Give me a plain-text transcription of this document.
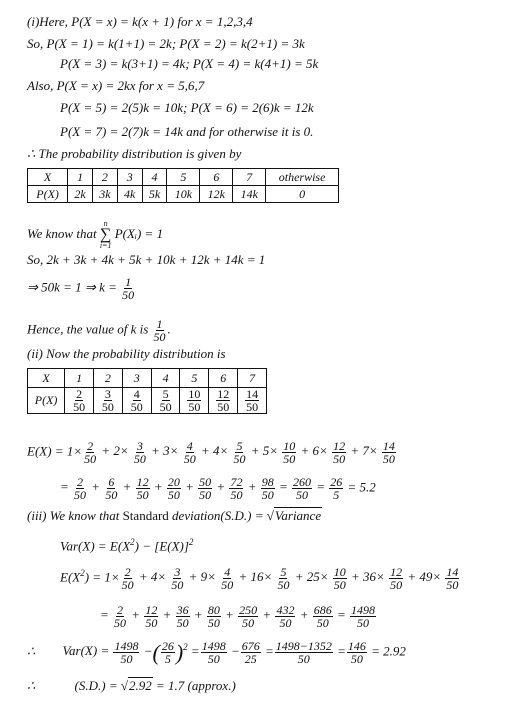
(i)Here, P(X = x) = k(x + 1) for x = 1,2,3,4
So, P(X = 1) = k(1+1) = 2k; P(X = 2) = k(2+1) = 3k
P(X = 3) = k(3+1) = 4k; P(X = 4) = k(4+1) = 5k
Also, P(X = x) = 2kx for x = 5,6,7
P(X = 5) = 2(5)k = 10k; P(X = 6) = 2(6)k = 12k
P(X = 7) = 2(7)k = 14k and for otherwise it is 0.
∴ The probability distribution is given by
X	1	2	3	4	5	6	7	otherwise
P(X)	2k	3k	4k	5k	10k	12k	14k	0
We know that
n
∑
i=1
P(Xᵢ) = 1
So, 2k + 3k + 4k + 5k + 10k + 12k + 14k = 1
⇒ 50k = 1 ⇒ $k = \frac{1}{50}$
Hence, the value of k is $\frac{1}{50}$ .
(ii) Now the probability distribution is
X	1	2	3	4	5	6	7
P(X)	$\frac{2}{50}$	$\frac{3}{50}$	$\frac{4}{50}$	$\frac{5}{50}$	$\frac{10}{50}$	$\frac{12}{50}$	$\frac{14}{50}$
$E(X) = 1\times \frac{2}{50} + 2\times \frac{3}{50} + 3\times \frac{4}{50} + 4\times \frac{5}{50} + 5\times \frac{10}{50} + 6\times \frac{12}{50} + 7\times \frac{14}{50}$
= $\frac{2}{50} + \frac{6}{50} + \frac{12}{50} + \frac{20}{50} + \frac{50}{50} + \frac{72}{50} + \frac{98}{50} = \frac{260}{50} = \frac{26}{5} = 5.2$
(iii) We know that Standard deviation(S.D.) = √Variance
$Var(X) = E(X^2) - [E(X)]^2$
$E(X^2) = 1\times \frac{2}{50} + 4\times \frac{3}{50} + 9\times \frac{4}{50} + 16\times \frac{5}{50} + 25\times \frac{10}{50} + 36\times \frac{12}{50} + 49\times \frac{14}{50}$
= $\frac{2}{50} + \frac{12}{50} + \frac{36}{50} + \frac{80}{50} + \frac{250}{50} + \frac{432}{50} + \frac{686}{50} = \frac{1498}{50}$
∴ $Var(X) = \frac{1498}{50}$ −( $\frac{26}{5} )^2 = \frac{1498}{50} - \frac{676}{25} = \frac{1498-1352}{50} = \frac{146}{50} = 2.92$
∴	(S.D.) = √2.92 = 1.7 (approx.)
